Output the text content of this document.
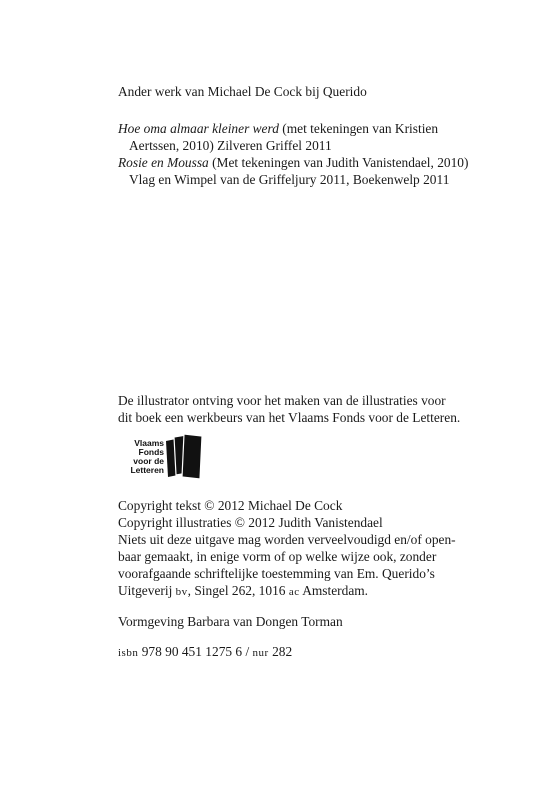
Ander werk van Michael De Cock bij Querido
Hoe oma almaar kleiner werd (met tekeningen van Kristien
Aertssen, 2010) Zilveren Griffel 2011
Rosie en Moussa (Met tekeningen van Judith Vanistendael, 2010)
Vlag en Wimpel van de Griffeljury 2011, Boekenwelp 2011
De illustrator ontving voor het maken van de illustraties voor
dit boek een werkbeurs van het Vlaams Fonds voor de Letteren.
Vlaams
Fonds
voor de
Letteren
Copyright tekst © 2012 Michael De Cock
Copyright illustraties © 2012 Judith Vanistendael
Niets uit deze uitgave mag worden verveelvoudigd en/of open-
baar gemaakt, in enige vorm of op welke wijze ook, zonder
voorafgaande schriftelijke toestemming van Em. Querido’s
Uitgeverij bv, Singel 262, 1016 ac Amsterdam.
Vormgeving Barbara van Dongen Torman
isbn 978 90 451 1275 6 / nur 282
